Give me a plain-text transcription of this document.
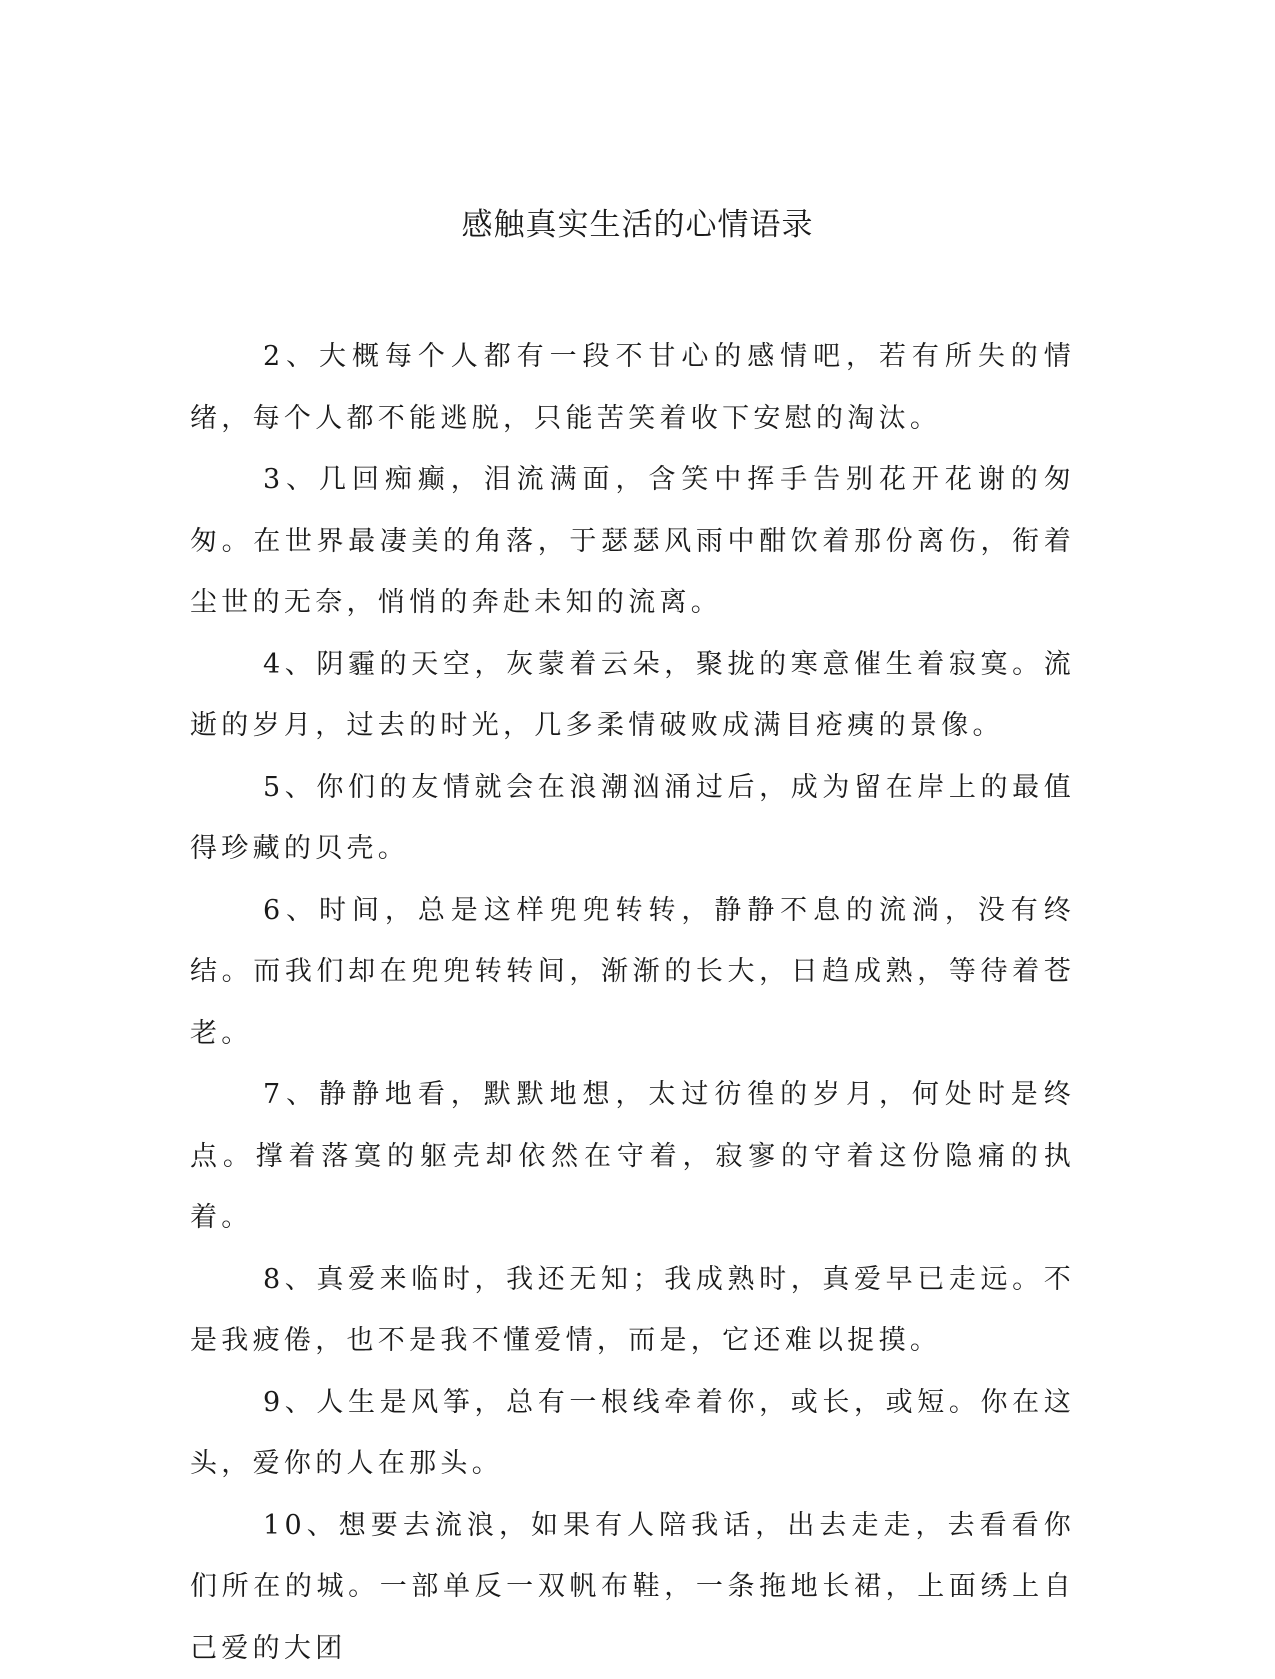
感触真实生活的心情语录

2、大概每个人都有一段不甘心的感情吧，若有所失的情绪，每个人都不能逃脱，只能苦笑着收下安慰的淘汰。

3、几回痴癫，泪流满面，含笑中挥手告别花开花谢的匆匆。在世界最凄美的角落，于瑟瑟风雨中酣饮着那份离伤，衔着尘世的无奈，悄悄的奔赴未知的流离。

4、阴霾的天空，灰蒙着云朵，聚拢的寒意催生着寂寞。流逝的岁月，过去的时光，几多柔情破败成满目疮痍的景像。

5、你们的友情就会在浪潮汹涌过后，成为留在岸上的最值得珍藏的贝壳。

6、时间，总是这样兜兜转转，静静不息的流淌，没有终结。而我们却在兜兜转转间，渐渐的长大，日趋成熟，等待着苍老。

7、静静地看，默默地想，太过彷徨的岁月，何处时是终点。撑着落寞的躯壳却依然在守着，寂寥的守着这份隐痛的执着。

8、真爱来临时，我还无知；我成熟时，真爱早已走远。不是我疲倦，也不是我不懂爱情，而是，它还难以捉摸。

9、人生是风筝，总有一根线牵着你，或长，或短。你在这头，爱你的人在那头。

10、想要去流浪，如果有人陪我话，出去走走，去看看你们所在的城。一部单反一双帆布鞋，一条拖地长裙，上面绣上自己爱的大团
